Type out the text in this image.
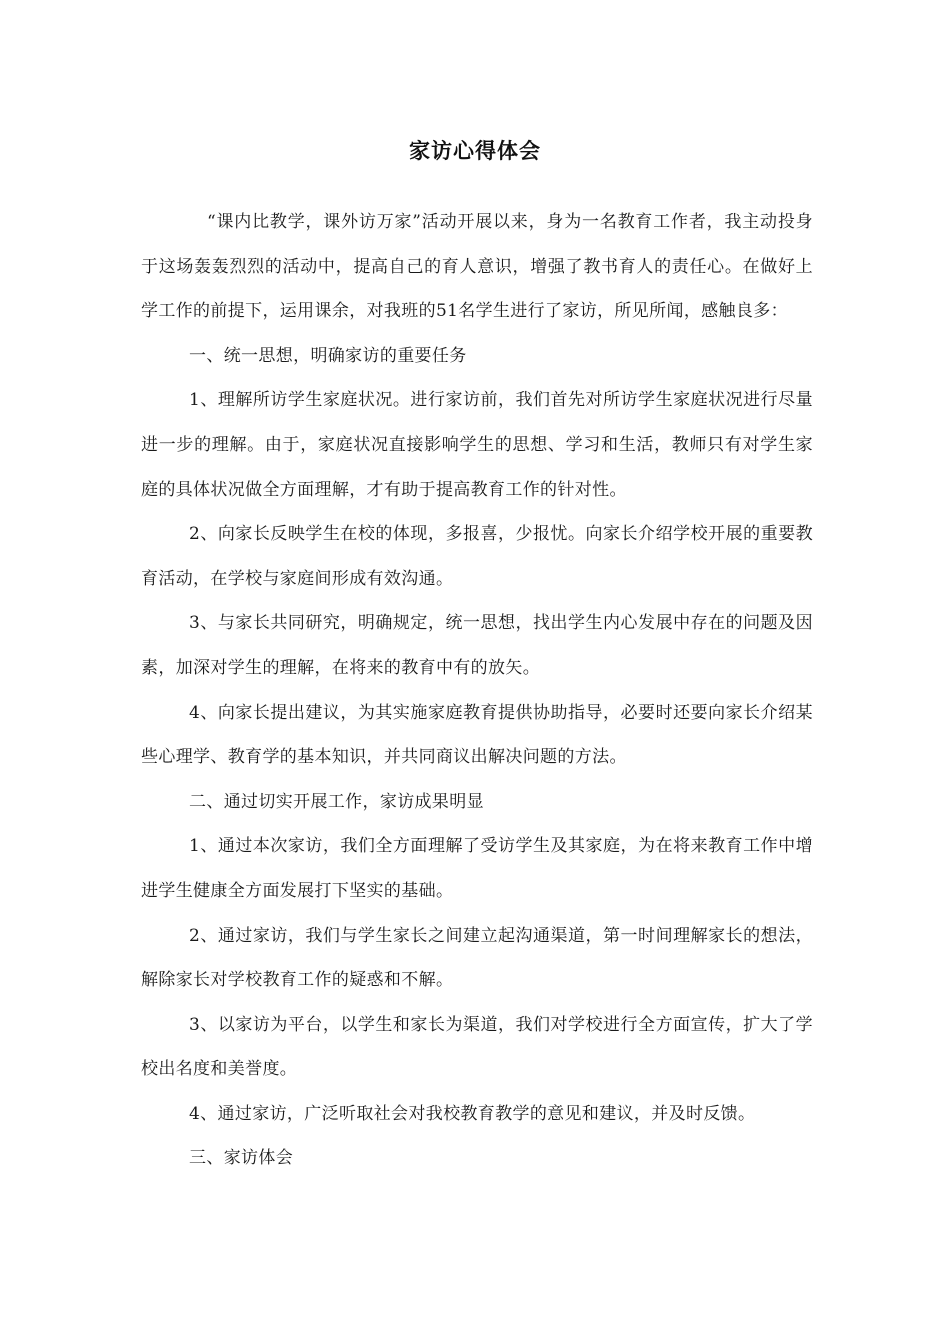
家访心得体会

“课内比教学，课外访万家”活动开展以来，身为一名教育工作者，我主动投身于这场轰轰烈烈的活动中，提高自己的育人意识，增强了教书育人的责任心。在做好上学工作的前提下，运用课余，对我班的51名学生进行了家访，所见所闻，感触良多：

一、统一思想，明确家访的重要任务

1、理解所访学生家庭状况。进行家访前，我们首先对所访学生家庭状况进行尽量进一步的理解。由于，家庭状况直接影响学生的思想、学习和生活，教师只有对学生家庭的具体状况做全方面理解，才有助于提高教育工作的针对性。

2、向家长反映学生在校的体现，多报喜，少报忧。向家长介绍学校开展的重要教育活动，在学校与家庭间形成有效沟通。

3、与家长共同研究，明确规定，统一思想，找出学生内心发展中存在的问题及因素，加深对学生的理解，在将来的教育中有的放矢。

4、向家长提出建议，为其实施家庭教育提供协助指导，必要时还要向家长介绍某些心理学、教育学的基本知识，并共同商议出解决问题的方法。

二、通过切实开展工作，家访成果明显

1、通过本次家访，我们全方面理解了受访学生及其家庭，为在将来教育工作中增进学生健康全方面发展打下坚实的基础。

2、通过家访，我们与学生家长之间建立起沟通渠道，第一时间理解家长的想法，解除家长对学校教育工作的疑惑和不解。

3、以家访为平台，以学生和家长为渠道，我们对学校进行全方面宣传，扩大了学校出名度和美誉度。

4、通过家访，广泛听取社会对我校教育教学的意见和建议，并及时反馈。

三、家访体会
